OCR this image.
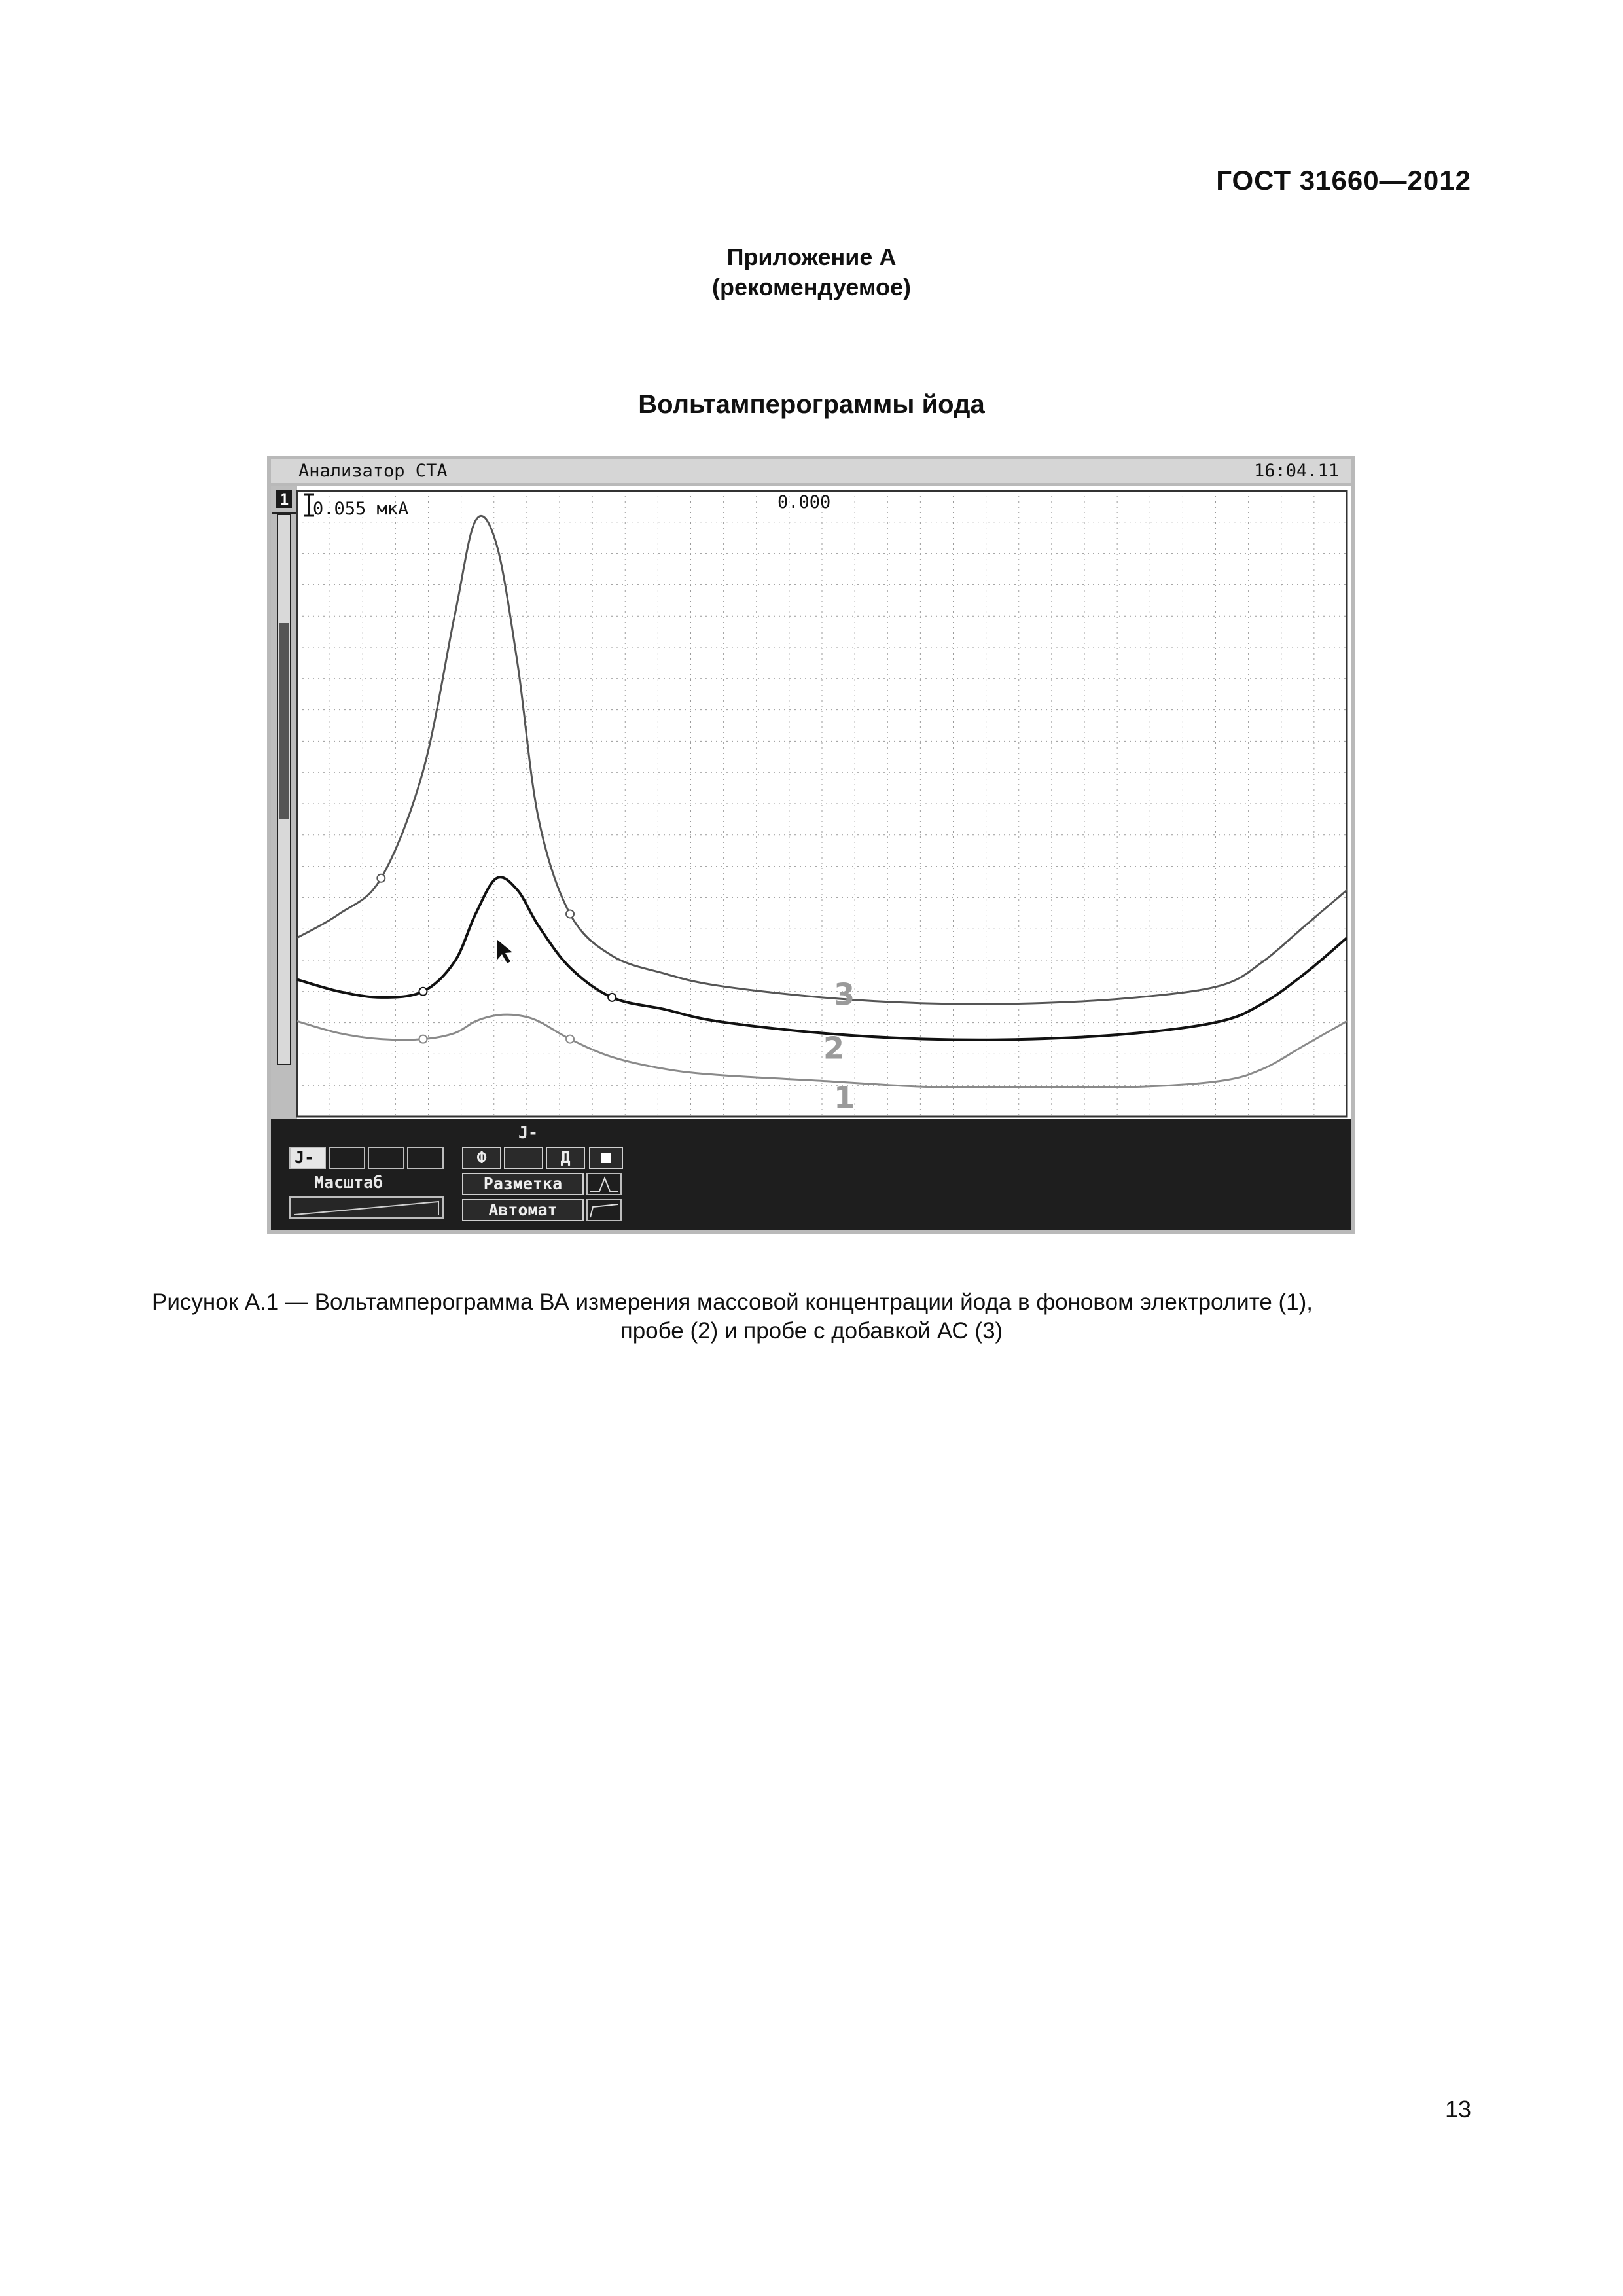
ГОСТ 31660—2012
Приложение А
(рекомендуемое)
Вольтамперограммы йода
Анализатор СТА	16:04.11
1 0.055 мкА	0.000
1
2
3
J-
J-
Масштаб
Ф	Д
Разметка
Автомат
Рисунок А.1 — Вольтамперограмма ВА измерения массовой концентрации йода в фоновом электролите (1),
пробе (2) и пробе с добавкой АС (3)
13
